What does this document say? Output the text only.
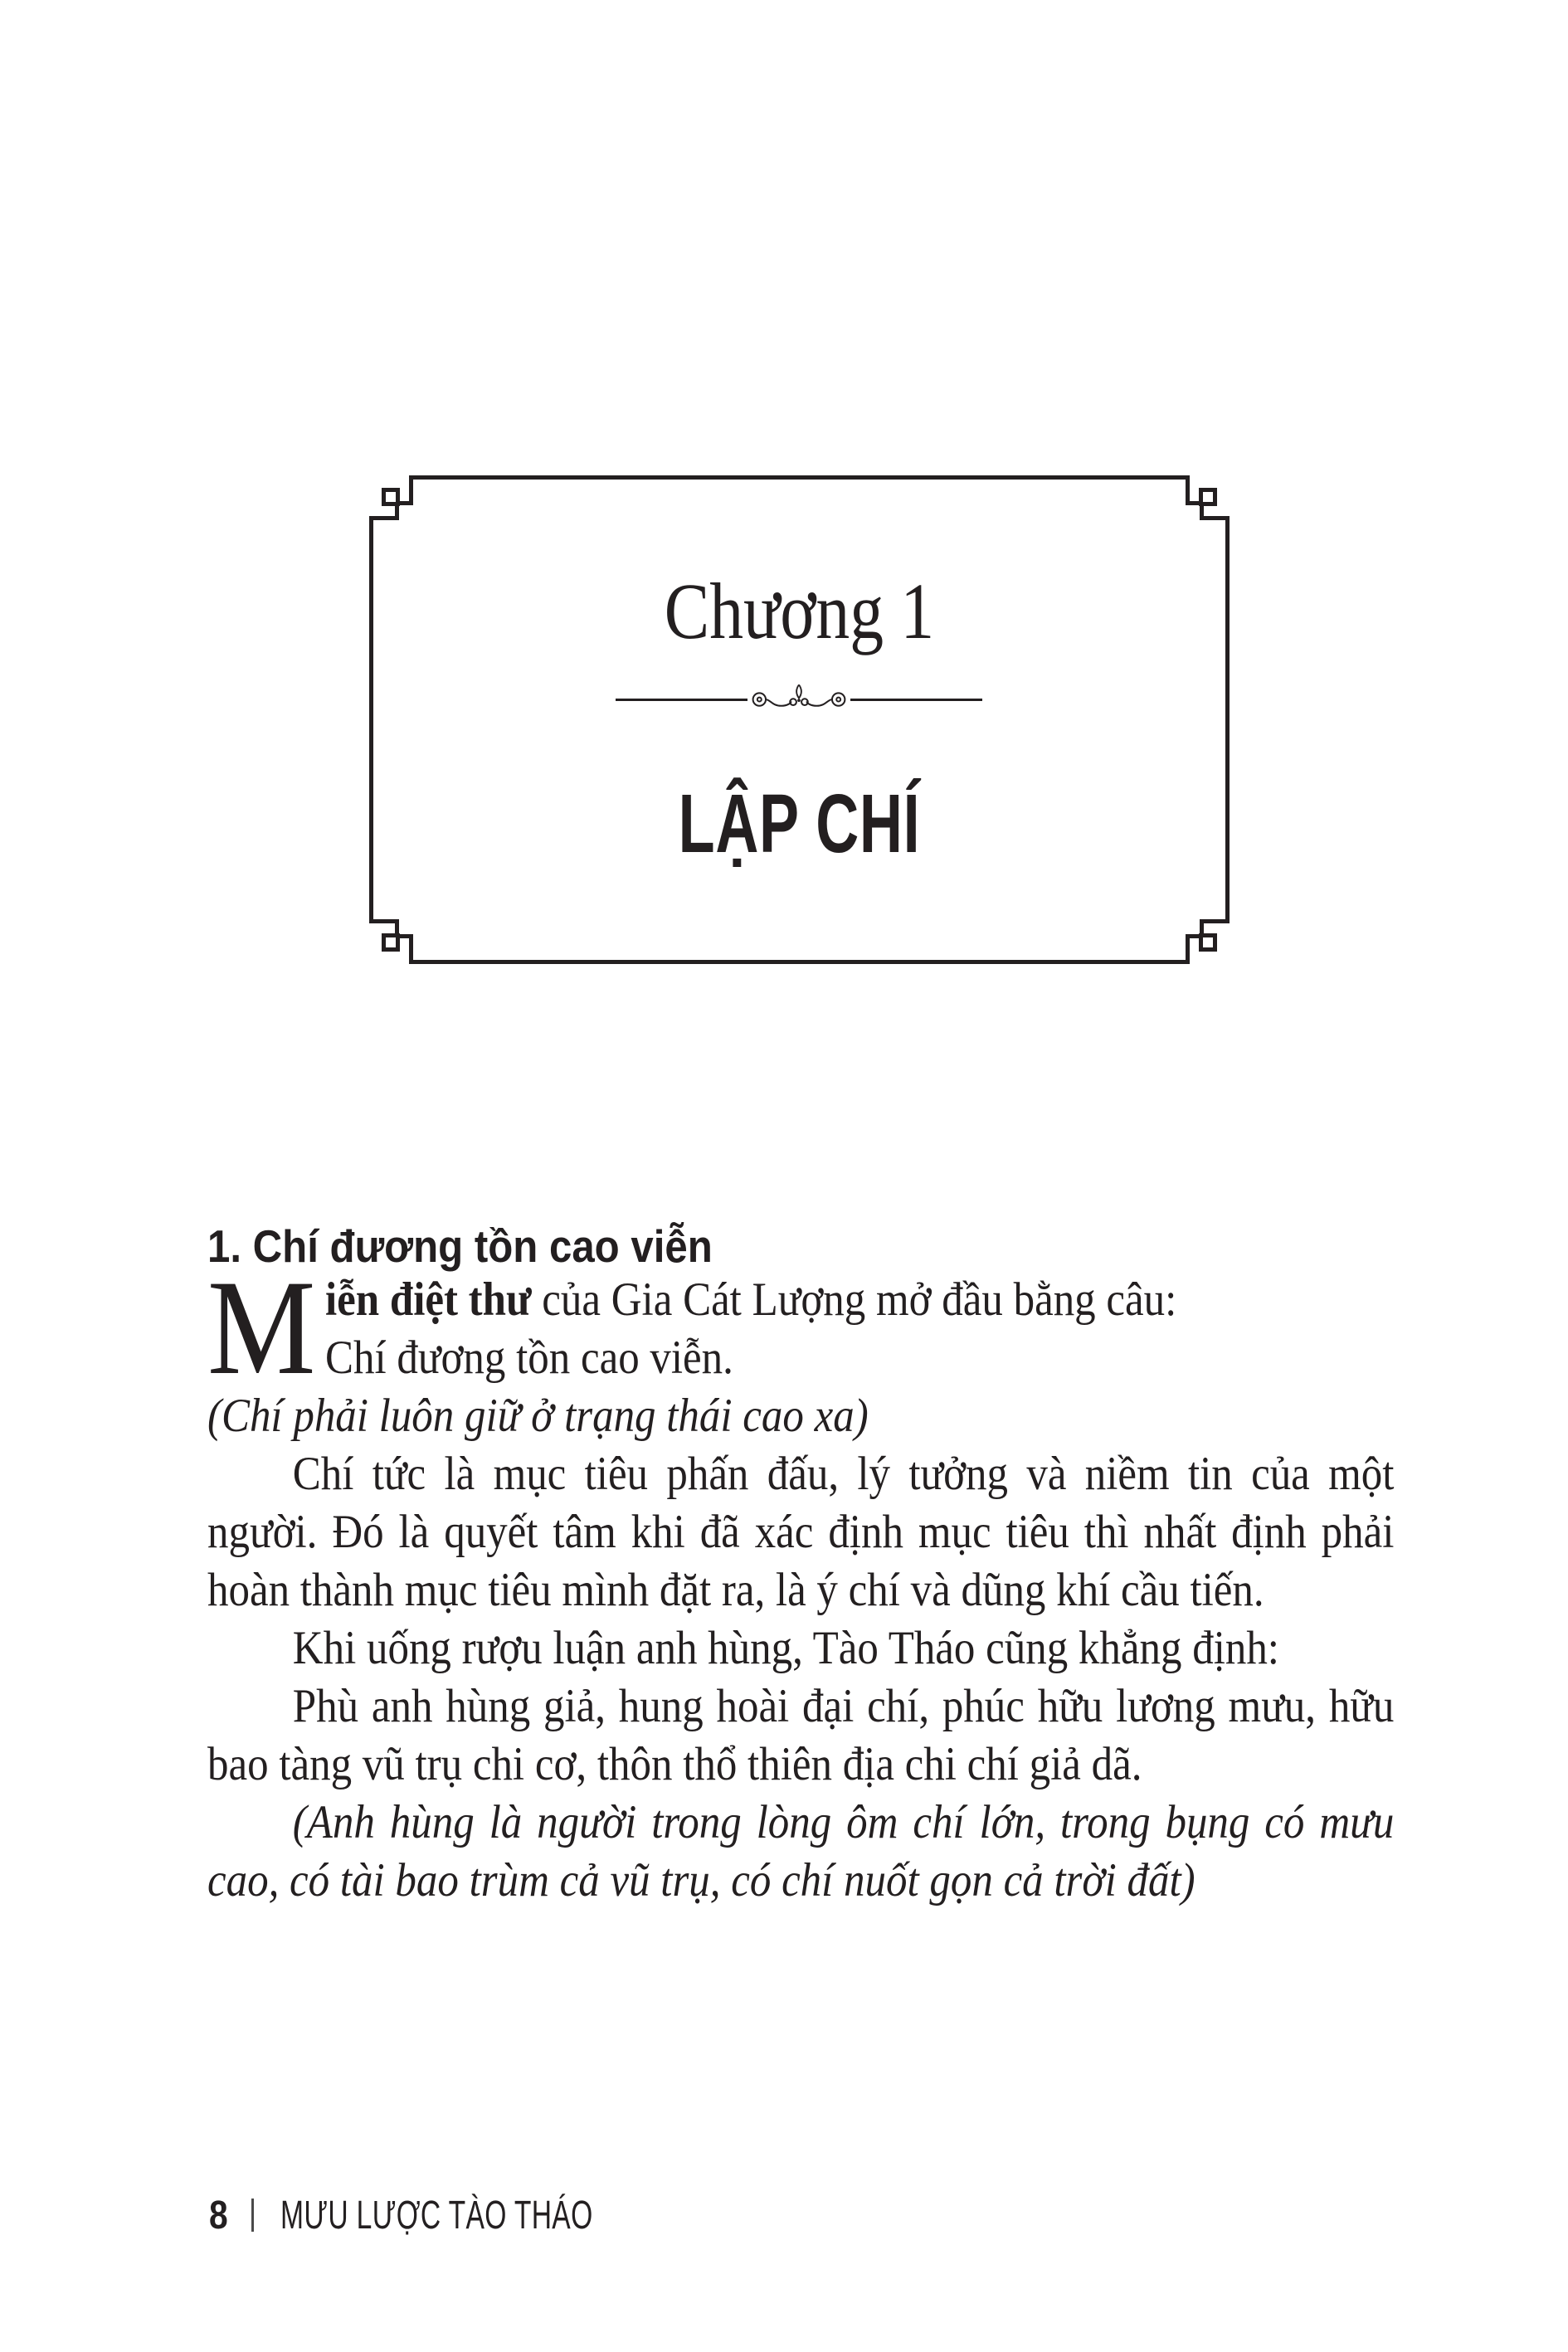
Chương 1
LẬP CHÍ
1. Chí đương tồn cao viễn

Miễn điệt thư của Gia Cát Lượng mở đầu bằng câu:
Chí đương tồn cao viễn.

(Chí phải luôn giữ ở trạng thái cao xa)

Chí tức là mục tiêu phấn đấu, lý tưởng và niềm tin của một người. Đó là quyết tâm khi đã xác định mục tiêu thì nhất định phải hoàn thành mục tiêu mình đặt ra, là ý chí và dũng khí cầu tiến.

Khi uống rượu luận anh hùng, Tào Tháo cũng khẳng định:

Phù anh hùng giả, hung hoài đại chí, phúc hữu lương mưu, hữu bao tàng vũ trụ chi cơ, thôn thổ thiên địa chi chí giả dã.

(Anh hùng là người trong lòng ôm chí lớn, trong bụng có mưu cao, có tài bao trùm cả vũ trụ, có chí nuốt gọn cả trời đất)

8 MƯU LƯỢC TÀO THÁO
